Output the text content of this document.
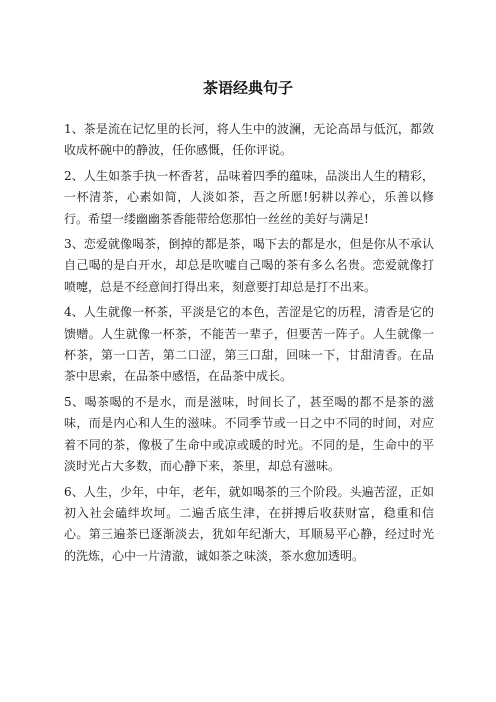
茶语经典句子

1、茶是流在记忆里的长河，将人生中的波澜，无论高昂与低沉，都敛收成杯碗中的静波，任你感慨，任你评说。

2、人生如茶手执一杯香茗，品味着四季的蕴味，品淡出人生的精彩，一杯清茶，心素如简，人淡如茶，吾之所愿!躬耕以养心，乐善以修行。希望一缕幽幽茶香能带给您那怕一丝丝的美好与满足!

3、恋爱就像喝茶，倒掉的都是茶，喝下去的都是水，但是你从不承认自己喝的是白开水，却总是吹嘘自己喝的茶有多么名贵。恋爱就像打喷嚏，总是不经意间打得出来，刻意要打却总是打不出来。

4、人生就像一杯茶，平淡是它的本色，苦涩是它的历程，清香是它的馈赠。人生就像一杯茶，不能苦一辈子，但要苦一阵子。人生就像一杯茶，第一口苦，第二口涩，第三口甜，回味一下，甘甜清香。在品茶中思索，在品茶中感悟，在品茶中成长。

5、喝茶喝的不是水，而是滋味，时间长了，甚至喝的都不是茶的滋味，而是内心和人生的滋味。不同季节或一日之中不同的时间，对应着不同的茶，像极了生命中或凉或暖的时光。不同的是，生命中的平淡时光占大多数，而心静下来，茶里，却总有滋味。

6、人生，少年，中年，老年，就如喝茶的三个阶段。头遍苦涩，正如初入社会磕绊坎坷。二遍舌底生津，在拼搏后收获财富，稳重和信心。第三遍茶已逐渐淡去，犹如年纪渐大，耳顺易平心静，经过时光的洗炼，心中一片清澈，诚如茶之味淡，茶水愈加透明。
